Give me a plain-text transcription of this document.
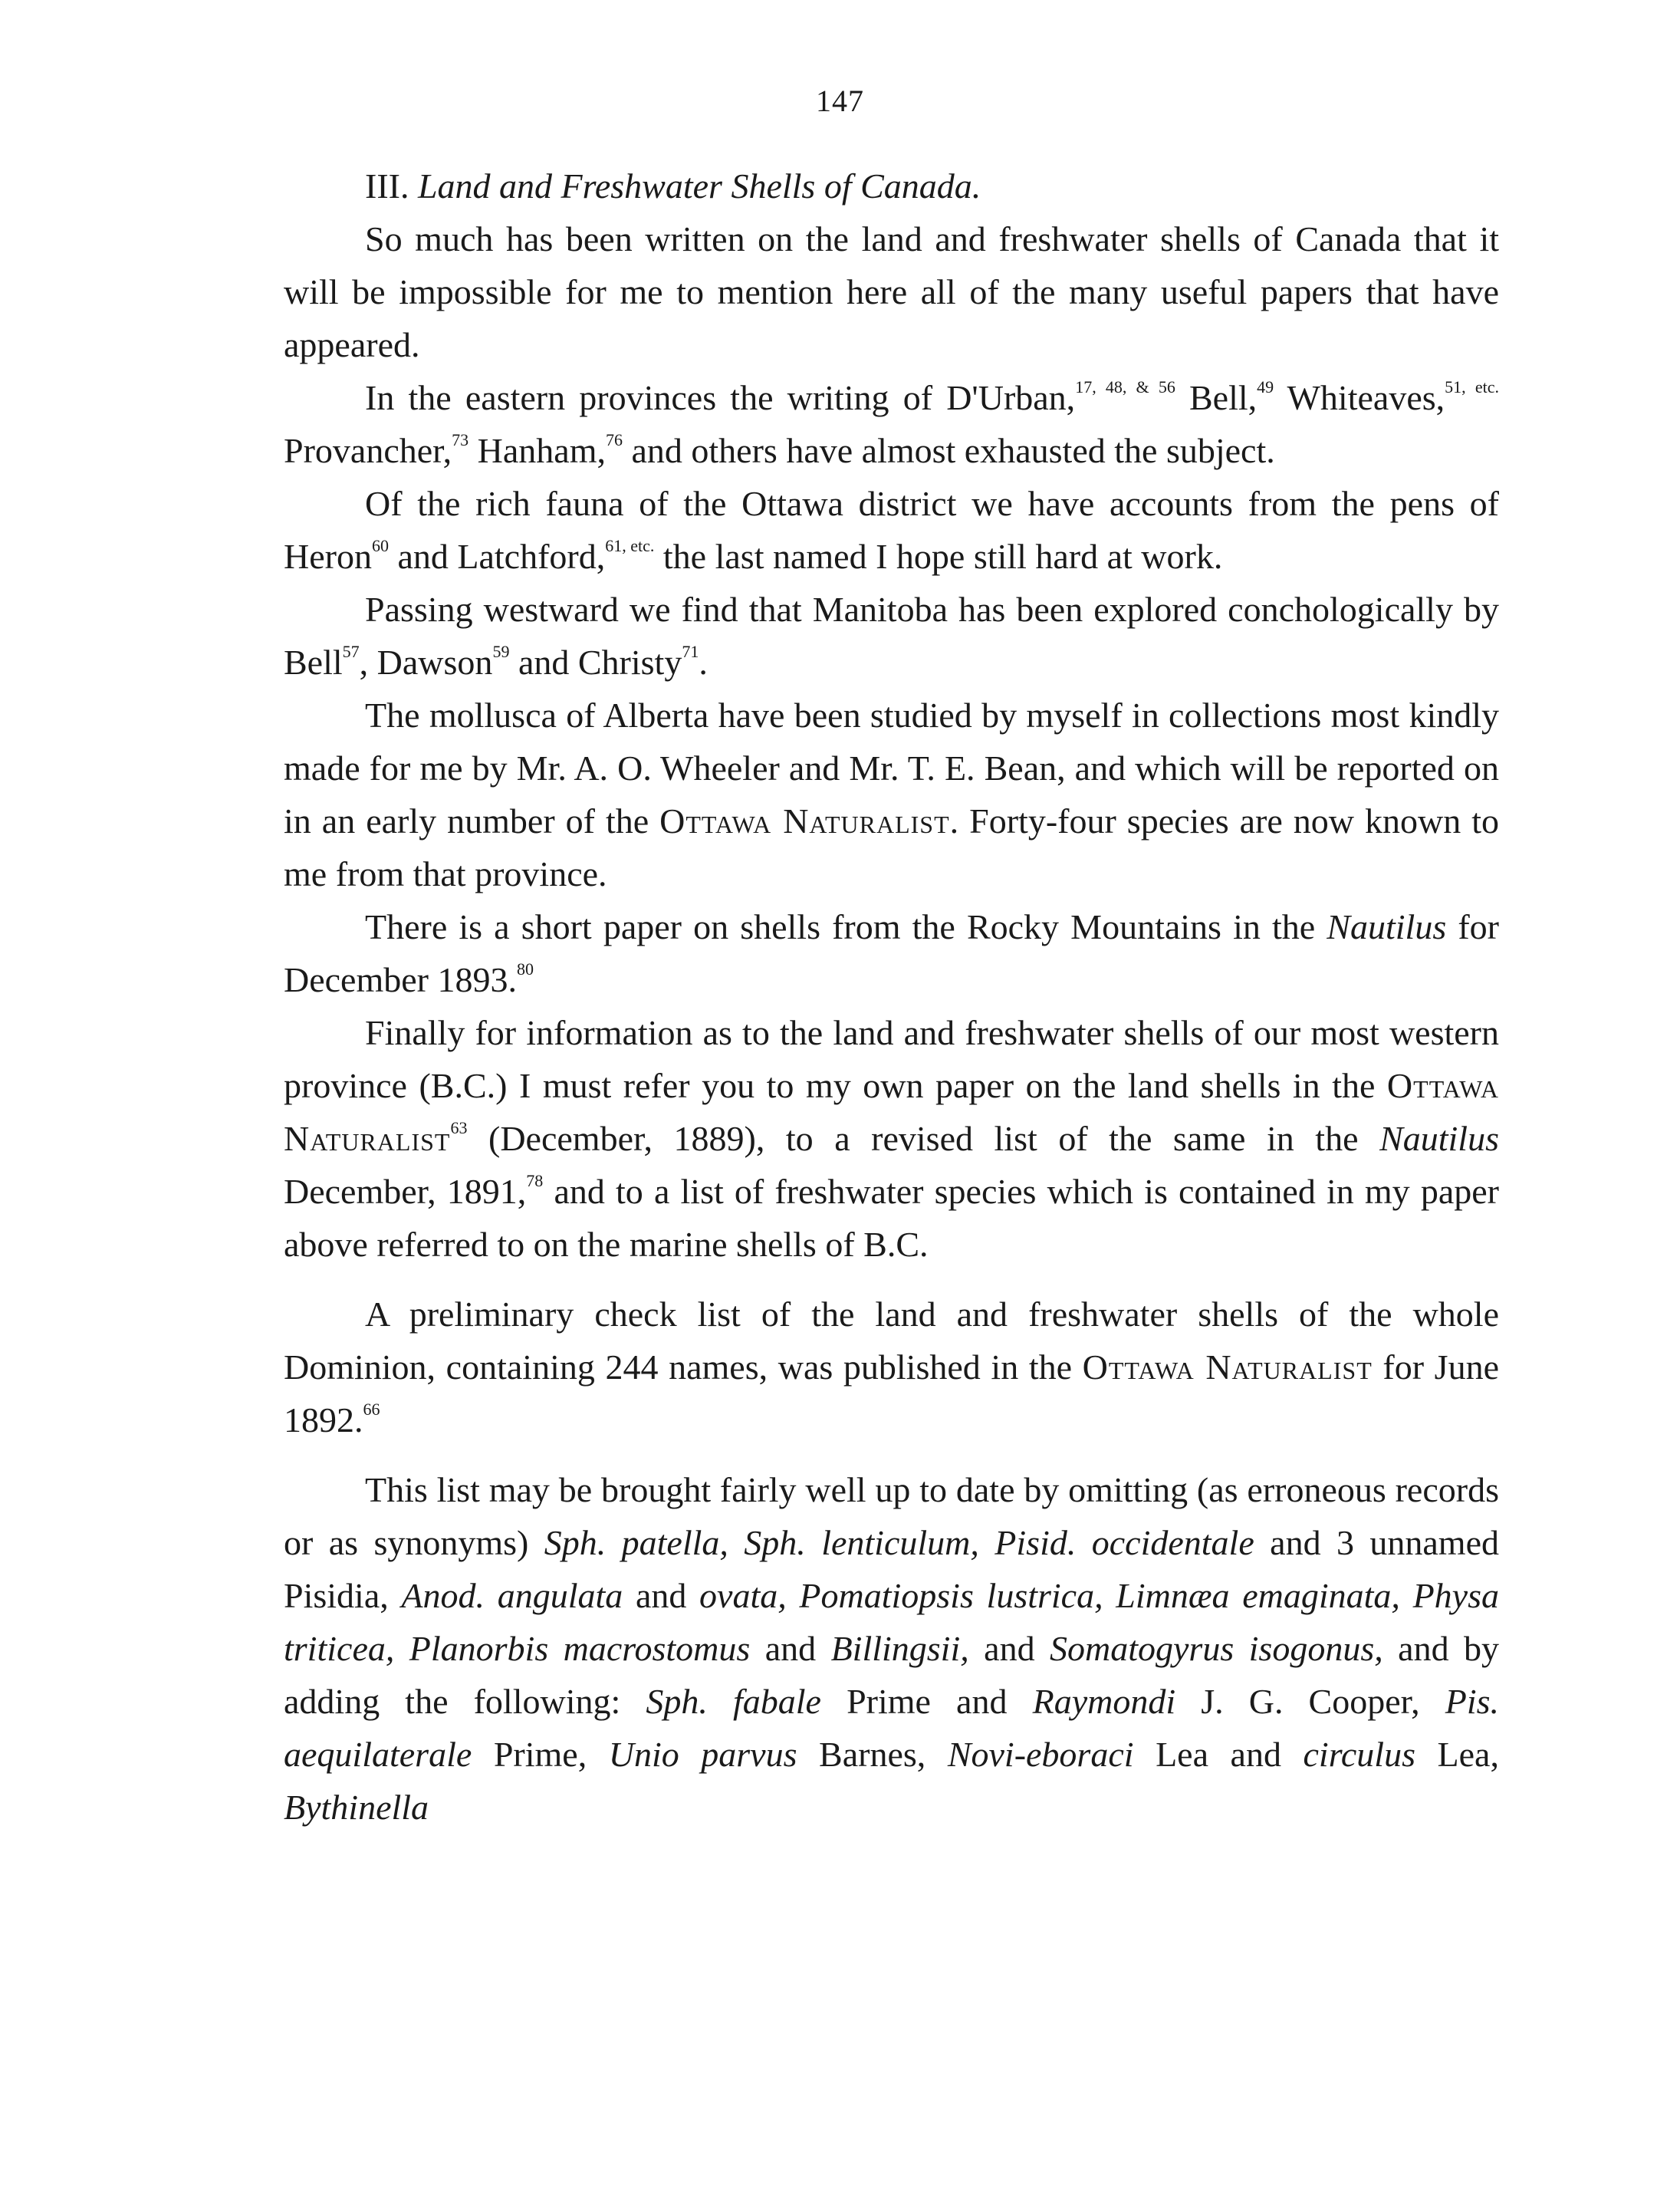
147
III. Land and Freshwater Shells of Canada.

So much has been written on the land and freshwater shells of Canada that it will be impossible for me to mention here all of the many useful papers that have appeared.

In the eastern provinces the writing of D'Urban,$^{17, 48, \& 56}$ Bell,$^{49}$ Whiteaves,$^{51, etc.}$ Provancher,$^{73}$ Hanham,$^{76}$ and others have almost exhausted the subject.

Of the rich fauna of the Ottawa district we have accounts from the pens of Heron$^{60}$ and Latchford,$^{61, etc.}$ the last named I hope still hard at work.

Passing westward we find that Manitoba has been explored conchologically by Bell$^{57}$, Dawson$^{59}$ and Christy$^{71}$.

The mollusca of Alberta have been studied by myself in collections most kindly made for me by Mr. A. O. Wheeler and Mr. T. E. Bean, and which will be reported on in an early number of the Ottawa Naturalist. Forty-four species are now known to me from that province.

There is a short paper on shells from the Rocky Mountains in the Nautilus for December 1893.80

Finally for information as to the land and freshwater shells of our most western province (B.C.) I must refer you to my own paper on the land shells in the Ottawa Naturalist$^{63}$ (December, 1889), to a revised list of the same in the Nautilus December, 1891,78 and to a list of freshwater species which is contained in my paper above referred to on the marine shells of B.C.

A preliminary check list of the land and freshwater shells of the whole Dominion, containing 244 names, was published in the Ottawa Naturalist for June 1892.66

This list may be brought fairly well up to date by omitting (as erroneous records or as synonyms) Sph. patella, Sph. lenticulum, Pisid. occidentale and 3 unnamed Pisidia, Anod. angulata and ovata, Pomatiopsis lustrica, Limnæa emaginata, Physa triticea, Planorbis macrostomus and Billingsii, and Somatogyrus isogonus, and by adding the following: Sph. fabale Prime and Raymondi J. G. Cooper, Pis. aequilaterale Prime, Unio parvus Barnes, Novi-eboraci Lea and circulus Lea, Bythinella
